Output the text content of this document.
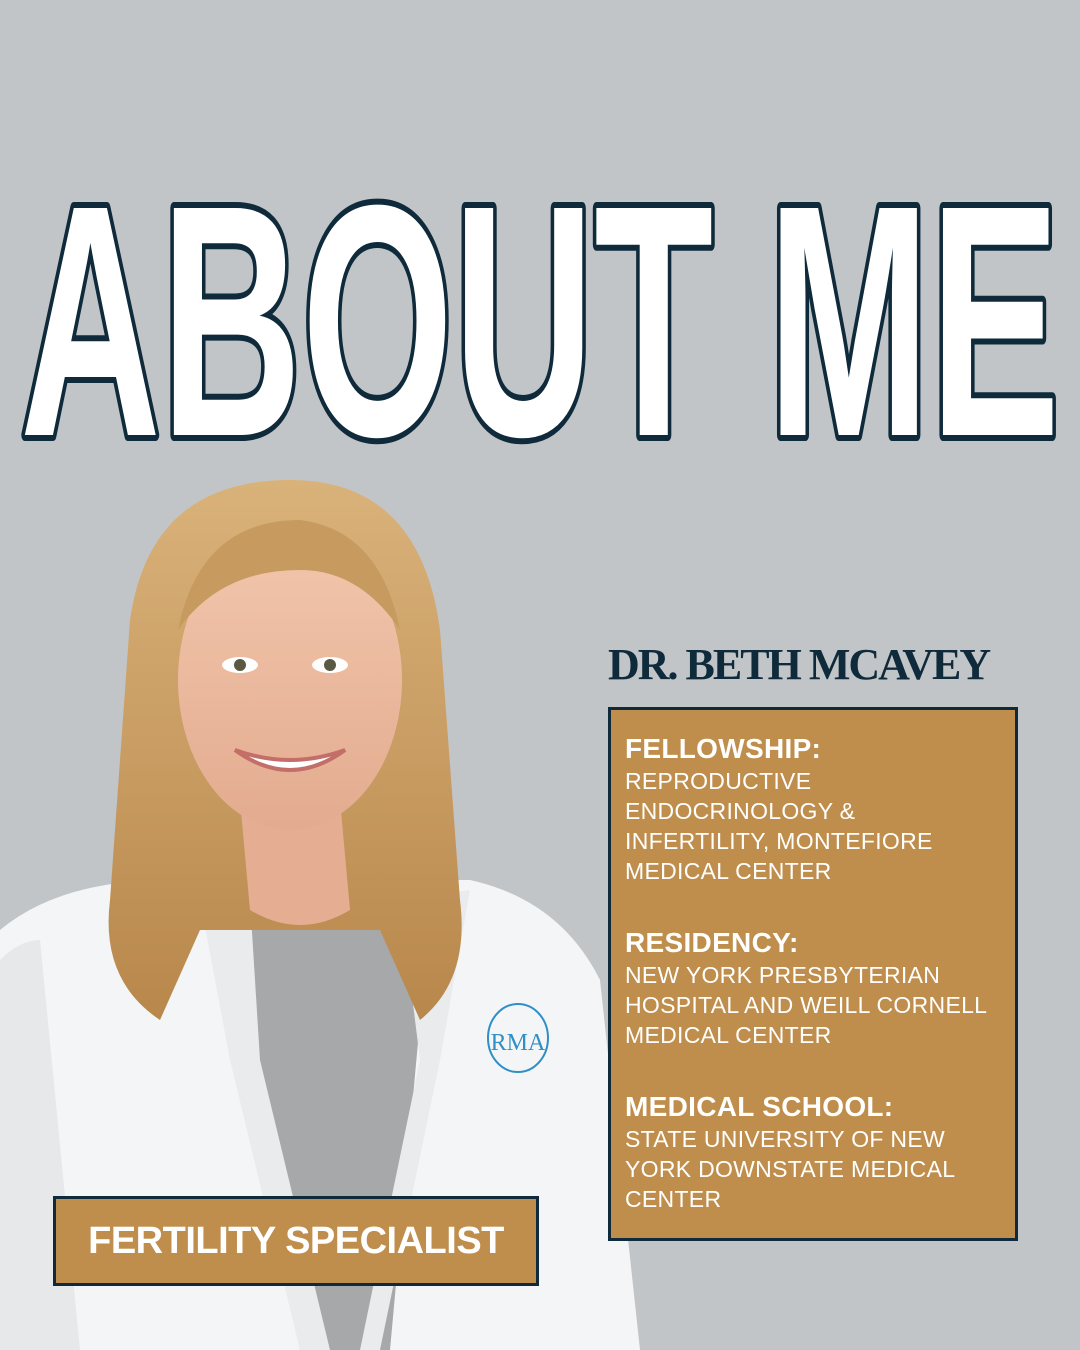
ABOUT ME
RMA
DR. BETH MCAVEY
FELLOWSHIP:
REPRODUCTIVE ENDOCRINOLOGY & INFERTILITY, MONTEFIORE MEDICAL CENTER
RESIDENCY:
NEW YORK PRESBYTERIAN HOSPITAL AND WEILL CORNELL MEDICAL CENTER
MEDICAL SCHOOL:
STATE UNIVERSITY OF NEW YORK DOWNSTATE MEDICAL CENTER
FERTILITY SPECIALIST
